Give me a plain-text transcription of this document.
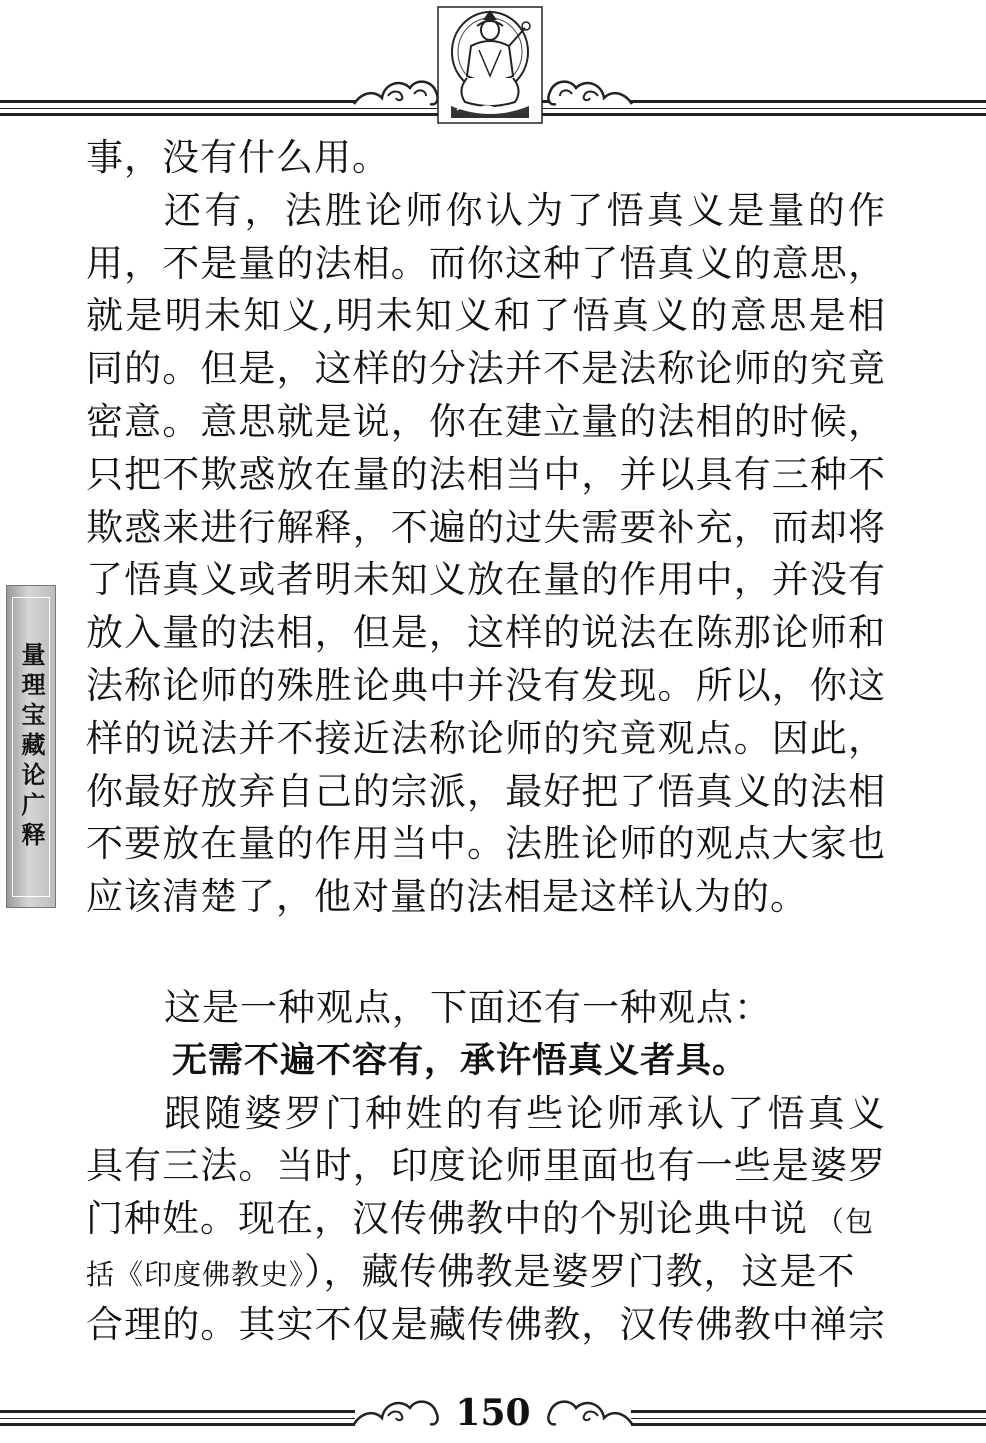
量理宝藏论广释
事，没有什么用。
还有，法胜论师你认为了悟真义是量的作
用，不是量的法相。而你这种了悟真义的意思，
就是明未知义,明未知义和了悟真义的意思是相
同的。但是，这样的分法并不是法称论师的究竟
密意。意思就是说，你在建立量的法相的时候，
只把不欺惑放在量的法相当中，并以具有三种不
欺惑来进行解释，不遍的过失需要补充，而却将
了悟真义或者明未知义放在量的作用中，并没有
放入量的法相，但是，这样的说法在陈那论师和
法称论师的殊胜论典中并没有发现。所以，你这
样的说法并不接近法称论师的究竟观点。因此，
你最好放弃自己的宗派，最好把了悟真义的法相
不要放在量的作用当中。法胜论师的观点大家也
应该清楚了，他对量的法相是这样认为的。
这是一种观点，下面还有一种观点：
无需不遍不容有，承许悟真义者具。
跟随婆罗门种姓的有些论师承认了悟真义
具有三法。当时，印度论师里面也有一些是婆罗
门种姓。现在，汉传佛教中的个别论典中说 （包
括《印度佛教史》），藏传佛教是婆罗门教，这是不
合理的。其实不仅是藏传佛教，汉传佛教中禅宗
150
